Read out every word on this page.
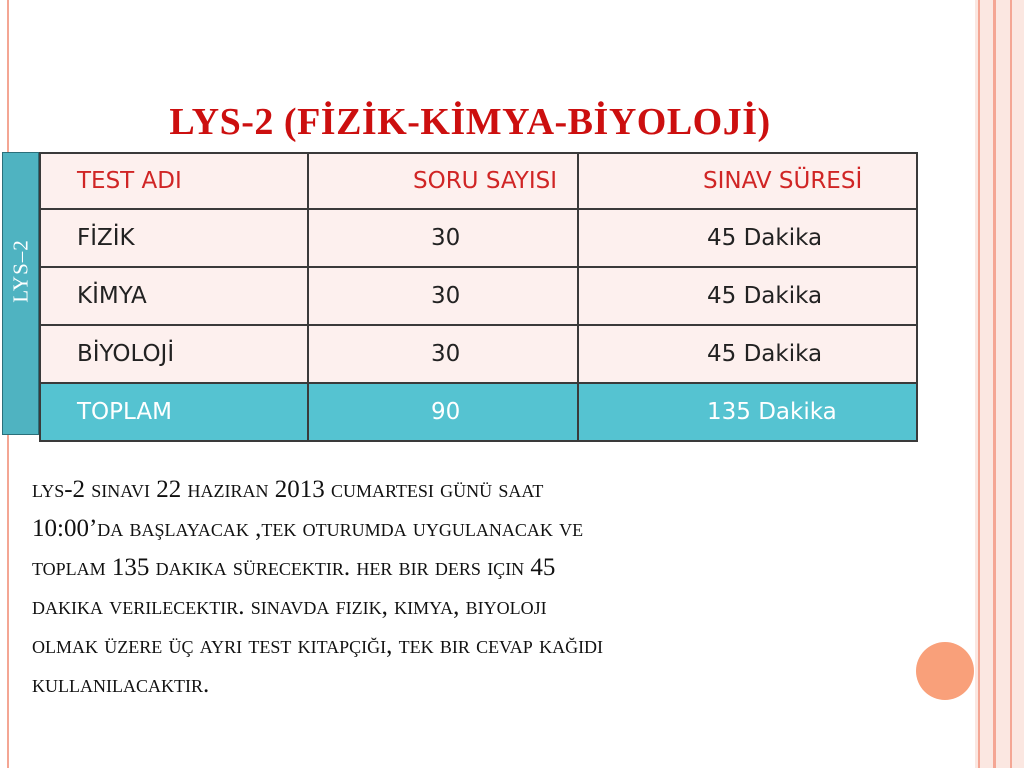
LYS-2 (FİZİK-KİMYA-BİYOLOJİ)
LYS–2
TEST ADI	SORU SAYISI	SINAV SÜRESİ
FİZİK	30	45 Dakika
KİMYA	30	45 Dakika
BİYOLOJİ	30	45 Dakika
TOPLAM	90	135 Dakika
lys-2 sınavı 22 haziran 2013 cumartesi günü saat
10:00’da başlayacak ,tek oturumda uygulanacak ve
toplam 135 dakika sürecektir. her bir ders için 45
dakika verilecektir. sınavda fizik, kimya, biyoloji
olmak üzere üç ayrı test kitapçığı, tek bir cevap kağıdı
kullanılacaktır.
